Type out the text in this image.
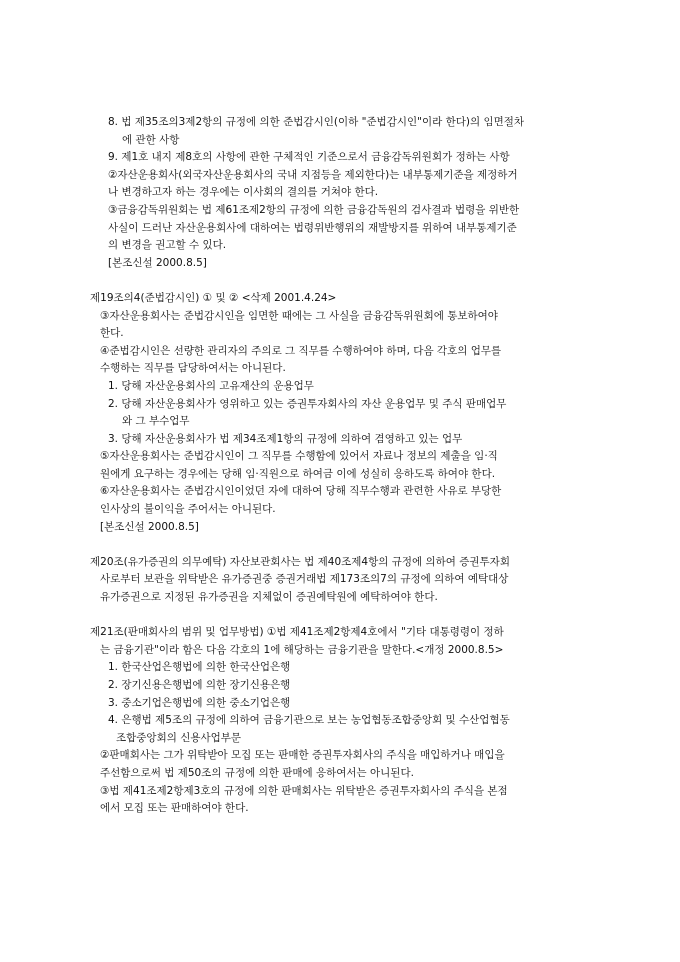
8. 법 제35조의3제2항의 규정에 의한 준법감시인(이하 "준법감시인"이라 한다)의 임면절차
에 관한 사항
9. 제1호 내지 제8호의 사항에 관한 구체적인 기준으로서 금융감독위원회가 정하는 사항
②자산운용회사(외국자산운용회사의 국내 지점등을 제외한다)는 내부통제기준을 제정하거
나 변경하고자 하는 경우에는 이사회의 결의를 거쳐야 한다.
③금융감독위원회는 법 제61조제2항의 규정에 의한 금융감독원의 검사결과 법령을 위반한
사실이 드러난 자산운용회사에 대하여는 법령위반행위의 재발방지를 위하여 내부통제기준
의 변경을 권고할 수 있다.
[본조신설 2000.8.5]
제19조의4(준법감시인) ① 및 ② <삭제 2001.4.24>
③자산운용회사는 준법감시인을 임면한 때에는 그 사실을 금융감독위원회에 통보하여야
한다.
④준법감시인은 선량한 관리자의 주의로 그 직무를 수행하여야 하며, 다음 각호의 업무를
수행하는 직무를 담당하여서는 아니된다.
1. 당해 자산운용회사의 고유재산의 운용업무
2. 당해 자산운용회사가 영위하고 있는 증권투자회사의 자산 운용업무 및 주식 판매업무
와 그 부수업무
3. 당해 자산운용회사가 법 제34조제1항의 규정에 의하여 겸영하고 있는 업무
⑤자산운용회사는 준법감시인이 그 직무를 수행함에 있어서 자료나 정보의 제출을 임·직
원에게 요구하는 경우에는 당해 임·직원으로 하여금 이에 성실히 응하도록 하여야 한다.
⑥자산운용회사는 준법감시인이었던 자에 대하여 당해 직무수행과 관련한 사유로 부당한
인사상의 불이익을 주어서는 아니된다.
[본조신설 2000.8.5]
제20조(유가증권의 의무예탁) 자산보관회사는 법 제40조제4항의 규정에 의하여 증권투자회
사로부터 보관을 위탁받은 유가증권중 증권거래법 제173조의7의 규정에 의하여 예탁대상
유가증권으로 지정된 유가증권을 지체없이 증권예탁원에 예탁하여야 한다.
제21조(판매회사의 범위 및 업무방법) ①법 제41조제2항제4호에서 "기타 대통령령이 정하
는 금융기관"이라 함은 다음 각호의 1에 해당하는 금융기관을 말한다.<개정 2000.8.5>
1. 한국산업은행법에 의한 한국산업은행
2. 장기신용은행법에 의한 장기신용은행
3. 중소기업은행법에 의한 중소기업은행
4. 은행법 제5조의 규정에 의하여 금융기관으로 보는 농업협동조합중앙회 및 수산업협동
조합중앙회의 신용사업부문
②판매회사는 그가 위탁받아 모집 또는 판매한 증권투자회사의 주식을 매입하거나 매입을
주선함으로써 법 제50조의 규정에 의한 판매에 응하여서는 아니된다.
③법 제41조제2항제3호의 규정에 의한 판매회사는 위탁받은 증권투자회사의 주식을 본점
에서 모집 또는 판매하여야 한다.
